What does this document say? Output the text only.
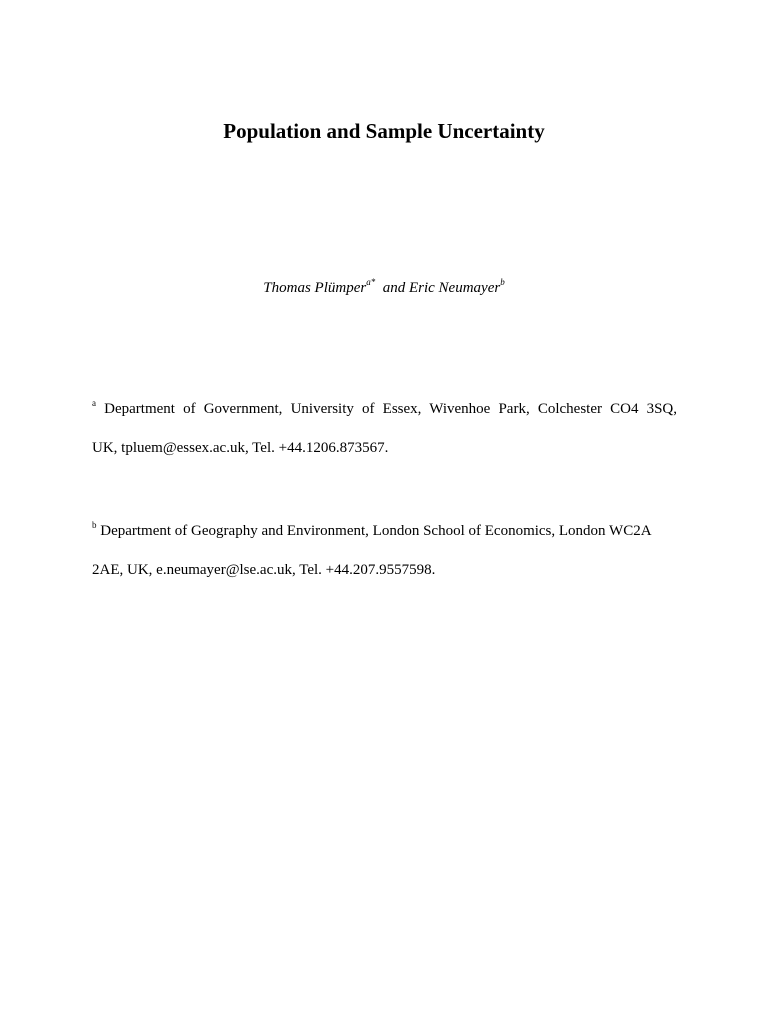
Population and Sample Uncertainty
Thomas Plümper$^{a*}$ and Eric Neumayer$^b$
$^a$ Department of Government, University of Essex, Wivenhoe Park, Colchester CO4 3SQ,
UK, tpluem@essex.ac.uk, Tel. +44.1206.873567.
$^b$ Department of Geography and Environment, London School of Economics, London WC2A
2AE, UK, e.neumayer@lse.ac.uk, Tel. +44.207.9557598.
